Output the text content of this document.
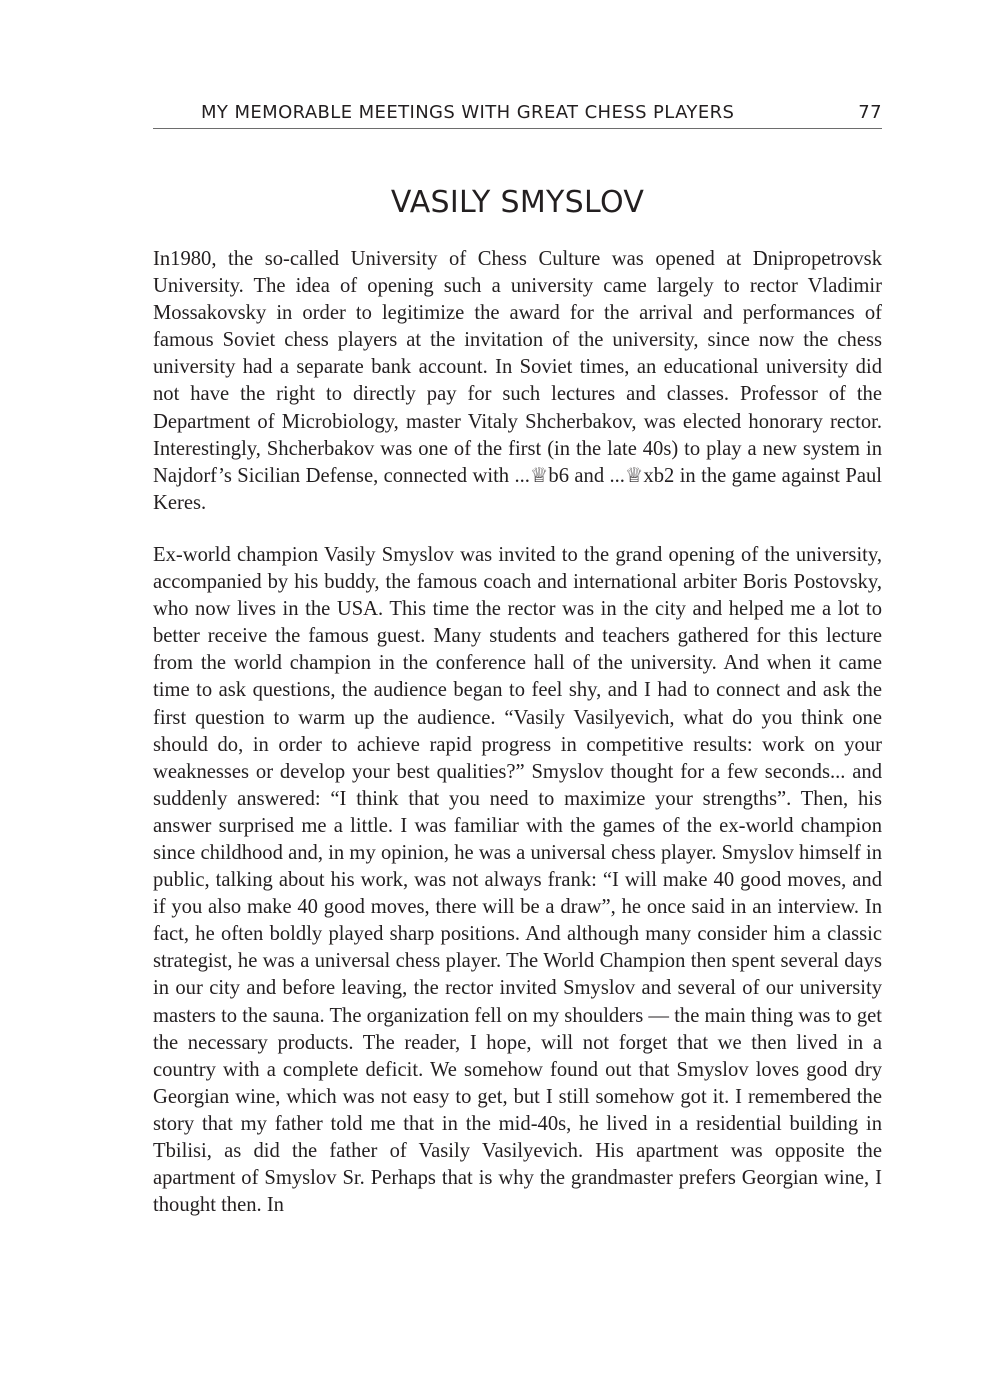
MY MEMORABLE MEETINGS WITH GREAT CHESS PLAYERS	77
VASILY SMYSLOV

In1980, the so-called University of Chess Culture was opened at Dnipropetrovsk University. The idea of opening such a university came largely to rector Vladimir Mossakovsky in order to legitimize the award for the arrival and performances of famous Soviet chess players at the invitation of the university, since now the chess university had a separate bank account. In Soviet times, an educational university did not have the right to directly pay for such lectures and classes. Professor of the Department of Microbiology, master Vitaly Shcherbakov, was elected honorary rector. Interestingly, Shcherbakov was one of the first (in the late 40s) to play a new system in Najdorf’s Sicilian Defense, connected with ...♕b6 and ...♕xb2 in the game against Paul Keres.

Ex-world champion Vasily Smyslov was invited to the grand opening of the university, accompanied by his buddy, the famous coach and international arbiter Boris Postovsky, who now lives in the USA. This time the rector was in the city and helped me a lot to better receive the famous guest. Many students and teachers gathered for this lecture from the world champion in the conference hall of the university. And when it came time to ask questions, the audience began to feel shy, and I had to connect and ask the first question to warm up the audience. “Vasily Vasilyevich, what do you think one should do, in order to achieve rapid progress in competitive results: work on your weaknesses or develop your best qualities?” Smyslov thought for a few seconds... and suddenly answered: “I think that you need to maximize your strengths”. Then, his answer surprised me a little. I was familiar with the games of the ex-world champion since childhood and, in my opinion, he was a universal chess player. Smyslov himself in public, talking about his work, was not always frank: “I will make 40 good moves, and if you also make 40 good moves, there will be a draw”, he once said in an interview. In fact, he often boldly played sharp positions. And although many consider him a classic strategist, he was a universal chess player. The World Champion then spent several days in our city and before leaving, the rector invited Smyslov and several of our university masters to the sauna. The organization fell on my shoulders — the main thing was to get the necessary products. The reader, I hope, will not forget that we then lived in a country with a complete deficit. We somehow found out that Smyslov loves good dry Georgian wine, which was not easy to get, but I still somehow got it. I remembered the story that my father told me that in the mid-40s, he lived in a residential building in Tbilisi, as did the father of Vasily Vasilyevich. His apartment was opposite the apartment of Smyslov Sr. Perhaps that is why the grandmaster prefers Georgian wine, I thought then. In
